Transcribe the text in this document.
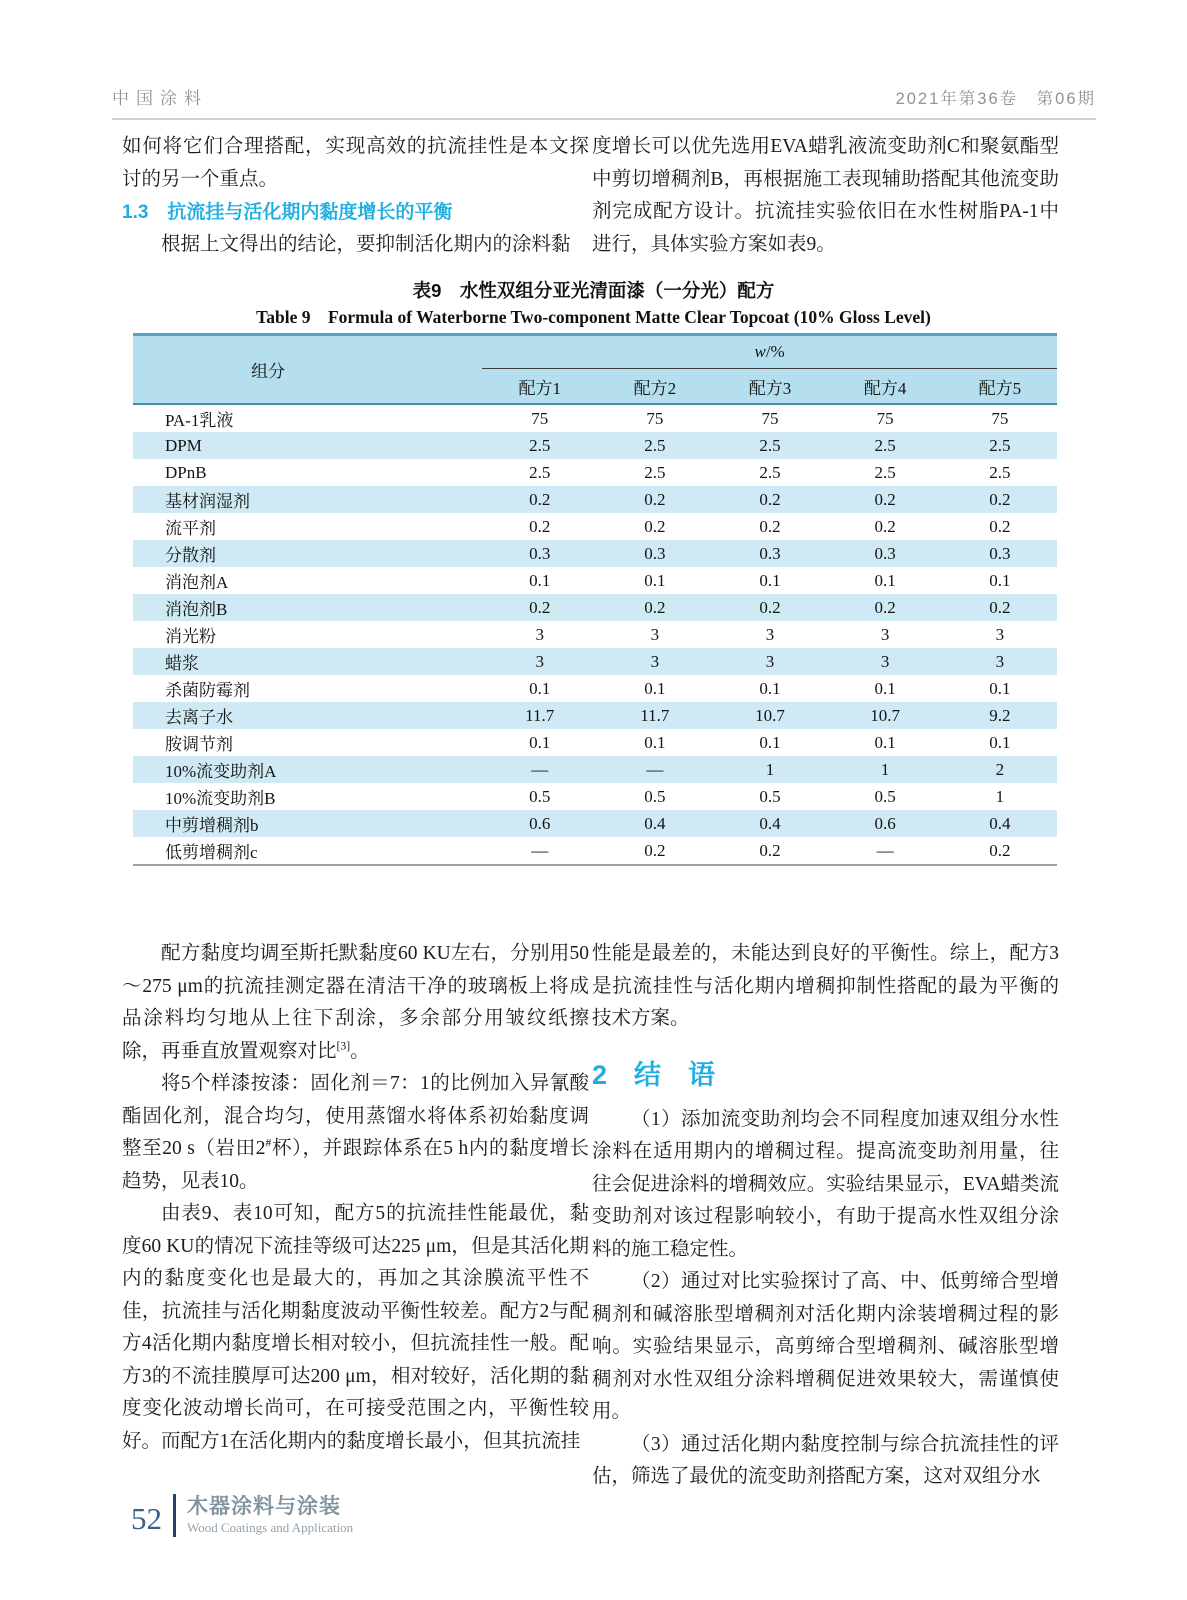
中国涂料	2021年第36卷　第06期

如何将它们合理搭配，实现高效的抗流挂性是本文探讨的另一个重点。

1.3　抗流挂与活化期内黏度增长的平衡

根据上文得出的结论，要抑制活化期内的涂料黏

度增长可以优先选用EVA蜡乳液流变助剂C和聚氨酯型中剪切增稠剂B，再根据施工表现辅助搭配其他流变助剂完成配方设计。抗流挂实验依旧在水性树脂PA-1中进行，具体实验方案如表9。

表9　水性双组分亚光清面漆（一分光）配方
Table 9　Formula of Waterborne Two-component Matte Clear Topcoat (10% Gloss Level)
组分	w/%				
	配方1	配方2	配方3	配方4	配方5
PA-1乳液	75	75	75	75	75
DPM	2.5	2.5	2.5	2.5	2.5
DPnB	2.5	2.5	2.5	2.5	2.5
基材润湿剂	0.2	0.2	0.2	0.2	0.2
流平剂	0.2	0.2	0.2	0.2	0.2
分散剂	0.3	0.3	0.3	0.3	0.3
消泡剂A	0.1	0.1	0.1	0.1	0.1
消泡剂B	0.2	0.2	0.2	0.2	0.2
消光粉	3	3	3	3	3
蜡浆	3	3	3	3	3
杀菌防霉剂	0.1	0.1	0.1	0.1	0.1
去离子水	11.7	11.7	10.7	10.7	9.2
胺调节剂	0.1	0.1	0.1	0.1	0.1
10%流变助剂A	—	—	1	1	2
10%流变助剂B	0.5	0.5	0.5	0.5	1
中剪增稠剂b	0.6	0.4	0.4	0.6	0.4
低剪增稠剂c	—	0.2	0.2	—	0.2

配方黏度均调至斯托默黏度60 KU左右，分别用50～275 μm的抗流挂测定器在清洁干净的玻璃板上将成品涂料均匀地从上往下刮涂，多余部分用皱纹纸擦除，再垂直放置观察对比[3]。

将5个样漆按漆：固化剂＝7：1的比例加入异氰酸酯固化剂，混合均匀，使用蒸馏水将体系初始黏度调整至20 s（岩田2#杯），并跟踪体系在5 h内的黏度增长趋势，见表10。

由表9、表10可知，配方5的抗流挂性能最优，黏度60 KU的情况下流挂等级可达225 μm，但是其活化期内的黏度变化也是最大的，再加之其涂膜流平性不佳，抗流挂与活化期黏度波动平衡性较差。配方2与配方4活化期内黏度增长相对较小，但抗流挂性一般。配方3的不流挂膜厚可达200 μm，相对较好，活化期的黏度变化波动增长尚可，在可接受范围之内，平衡性较好。而配方1在活化期内的黏度增长最小，但其抗流挂

性能是最差的，未能达到良好的平衡性。综上，配方3是抗流挂性与活化期内增稠抑制性搭配的最为平衡的技术方案。

2　结　语

（1）添加流变助剂均会不同程度加速双组分水性涂料在适用期内的增稠过程。提高流变助剂用量，往往会促进涂料的增稠效应。实验结果显示，EVA蜡类流变助剂对该过程影响较小，有助于提高水性双组分涂料的施工稳定性。

（2）通过对比实验探讨了高、中、低剪缔合型增稠剂和碱溶胀型增稠剂对活化期内涂装增稠过程的影响。实验结果显示，高剪缔合型增稠剂、碱溶胀型增稠剂对水性双组分涂料增稠促进效果较大，需谨慎使用。

（3）通过活化期内黏度控制与综合抗流挂性的评估，筛选了最优的流变助剂搭配方案，这对双组分水

52 木器涂料与涂装
Wood Coatings and Application
